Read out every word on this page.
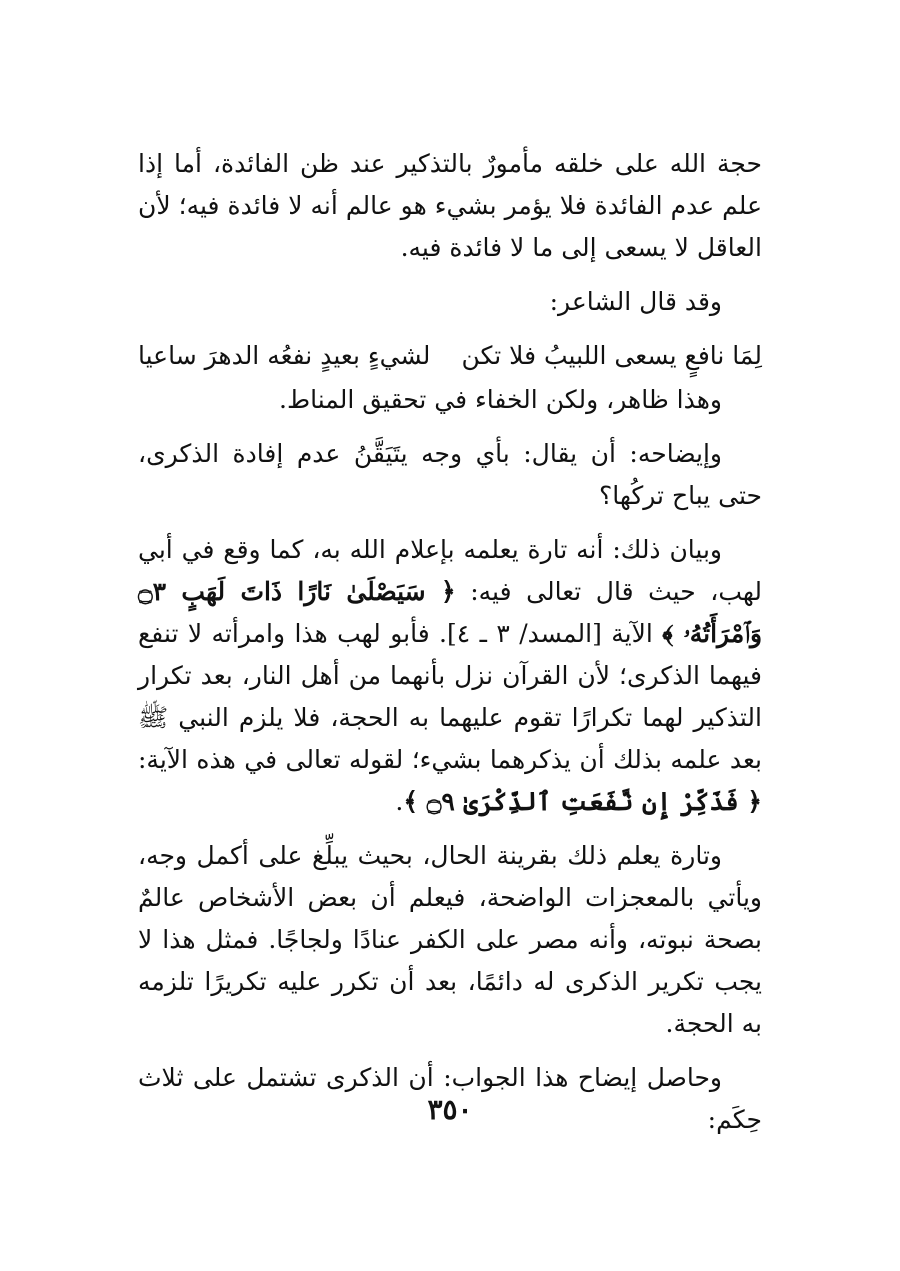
حجة الله على خلقه مأمورٌ بالتذكير عند ظن الفائدة، أما إذا علم عدم الفائدة فلا يؤمر بشيء هو عالم أنه لا فائدة فيه؛ لأن العاقل لا يسعى إلى ما لا فائدة فيه.

وقد قال الشاعر:

لِمَا نافعٍ يسعى اللبيبُ فلا تكن
لشيءٍ بعيدٍ نفعُه الدهرَ ساعيا

وهذا ظاهر، ولكن الخفاء في تحقيق المناط.

وإيضاحه: أن يقال: بأي وجه يتَيَقَّنُ عدم إفادة الذكرى، حتى يباح تركُها؟

وبيان ذلك: أنه تارة يعلمه بإعلام الله به، كما وقع في أبي لهب، حيث قال تعالى فيه: ﴿ سَيَصْلَىٰ نَارًا ذَاتَ لَهَبٍ ۝٣ وَٱمْرَأَتُهُۥ ﴾ الآية [المسد/ ٣ ـ ٤]. فأبو لهب هذا وامرأته لا تنفع فيهما الذكرى؛ لأن القرآن نزل بأنهما من أهل النار، بعد تكرار التذكير لهما تكرارًا تقوم عليهما به الحجة، فلا يلزم النبي ﷺ بعد علمه بذلك أن يذكرهما بشيء؛ لقوله تعالى في هذه الآية: ﴿ فَذَكِّرْ إِن نَّفَعَتِ ٱلذِّكْرَىٰ ۝٩ ﴾.

وتارة يعلم ذلك بقرينة الحال، بحيث يبلِّغ على أكمل وجه، ويأتي بالمعجزات الواضحة، فيعلم أن بعض الأشخاص عالمٌ بصحة نبوته، وأنه مصر على الكفر عنادًا ولجاجًا. فمثل هذا لا يجب تكرير الذكرى له دائمًا، بعد أن تكرر عليه تكريرًا تلزمه به الحجة.

وحاصل إيضاح هذا الجواب: أن الذكرى تشتمل على ثلاث حِكَم:

٣٥٠
